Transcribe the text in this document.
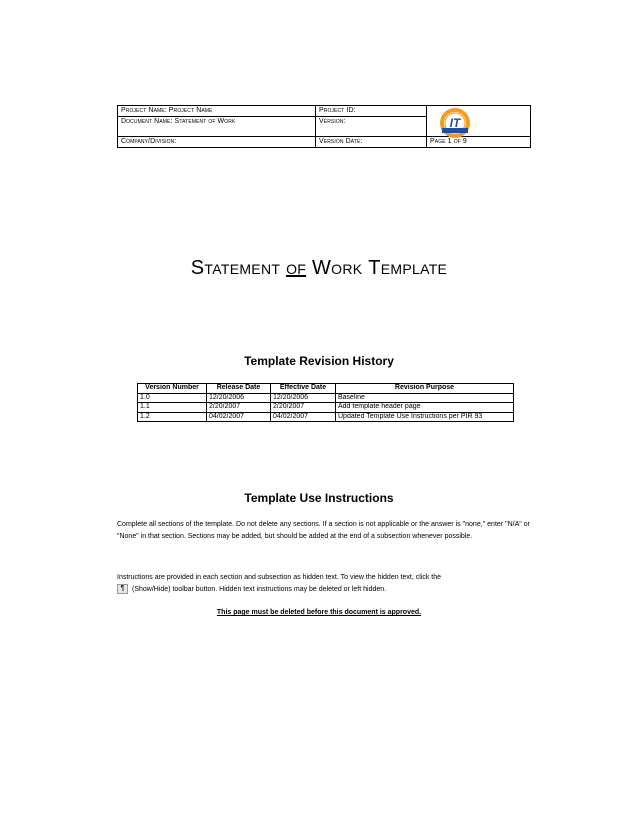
Project Name: Project Name	Project ID:	IT

Document Name: Statement of Work	Version:	
Company/Division:	Version Date:	Page 1 of 9
Statement of Work Template
Template Revision History
Version Number	Release Date	Effective Date	Revision Purpose
1.0	12/20/2006	12/20/2006	Baseline
1.1	2/20/2007	2/20/2007	Add template header page
1.2	04/02/2007	04/02/2007	Updated Template Use Instructions per PIR 93
Template Use Instructions
Complete all sections of the template. Do not delete any sections. If a section is not applicable or the answer is "none," enter "N/A" or "None" in that section. Sections may be added, but should be added at the end of a subsection whenever possible.
Instructions are provided in each section and subsection as hidden text. To view the hidden text, click the
¶ (Show/Hide) toolbar button. Hidden text instructions may be deleted or left hidden.
This page must be deleted before this document is approved.
